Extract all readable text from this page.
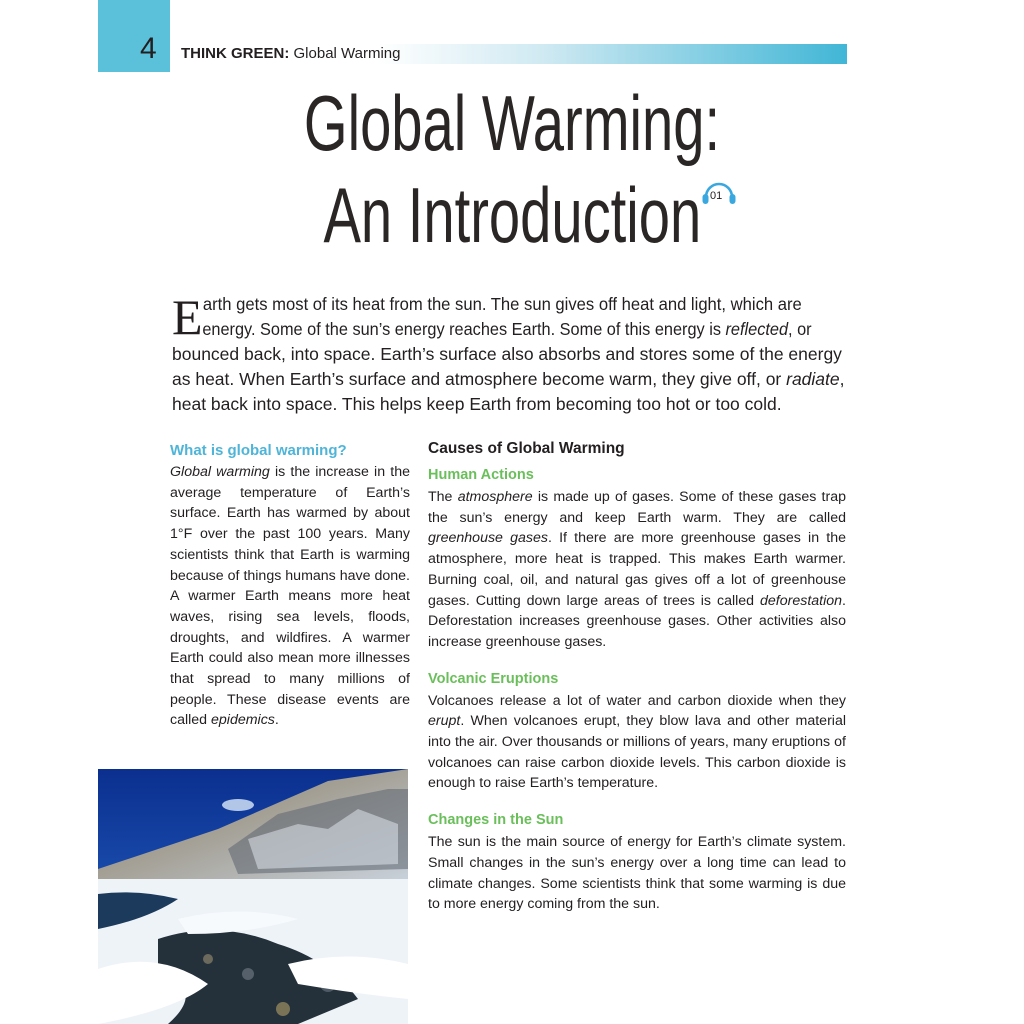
4 THINK GREEN: Global Warming
Global Warming:
An Introduction 01
E arth gets most of its heat from the sun. The sun gives off heat and light, which are
energy. Some of the sun’s energy reaches Earth. Some of this energy is reflected, or
bounced back, into space. Earth’s surface also absorbs and stores some of the energy
as heat. When Earth’s surface and atmosphere become warm, they give off, or radiate,
heat back into space. This helps keep Earth from becoming too hot or too cold.
What is global warming?

Global warming is the increase in the average temperature of Earth’s surface. Earth has warmed by about 1°F over the past 100 years. Many scientists think that Earth is warming because of things humans have done. A warmer Earth means more heat waves, rising sea levels, floods, droughts, and wildfires. A warmer Earth could also mean more illnesses that spread to many millions of people. These disease events are called epidemics.

Causes of Global Warming
Human Actions

The atmosphere is made up of gases. Some of these gases trap the sun’s energy and keep Earth warm. They are called greenhouse gases. If there are more greenhouse gases in the atmosphere, more heat is trapped. This makes Earth warmer. Burning coal, oil, and natural gas gives off a lot of greenhouse gases. Cutting down large areas of trees is called deforestation. Deforestation increases greenhouse gases. Other activities also increase greenhouse gases.

Volcanic Eruptions

Volcanoes release a lot of water and carbon dioxide when they erupt. When volcanoes erupt, they blow lava and other material into the air. Over thousands or millions of years, many eruptions of volcanoes can raise carbon dioxide levels. This carbon dioxide is enough to raise Earth’s temperature.

Changes in the Sun

The sun is the main source of energy for Earth’s climate system. Small changes in the sun’s energy over a long time can lead to climate changes. Some scientists think that some warming is due to more energy coming from the sun.
